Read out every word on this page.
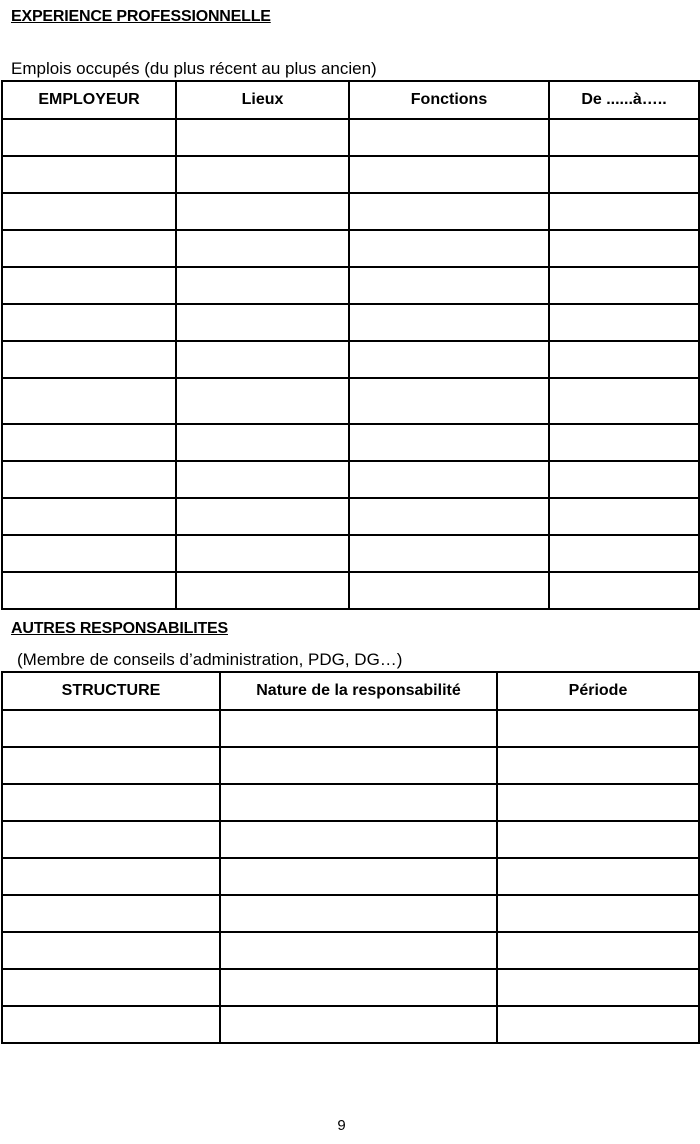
EXPERIENCE PROFESSIONNELLE
Emplois occupés (du plus récent au plus ancien)
EMPLOYEUR	Lieux	Fonctions	De ......à…..

AUTRES RESPONSABILITES
(Membre de conseils d’administration, PDG, DG…)
STRUCTURE	Nature de la responsabilité	Période

9
